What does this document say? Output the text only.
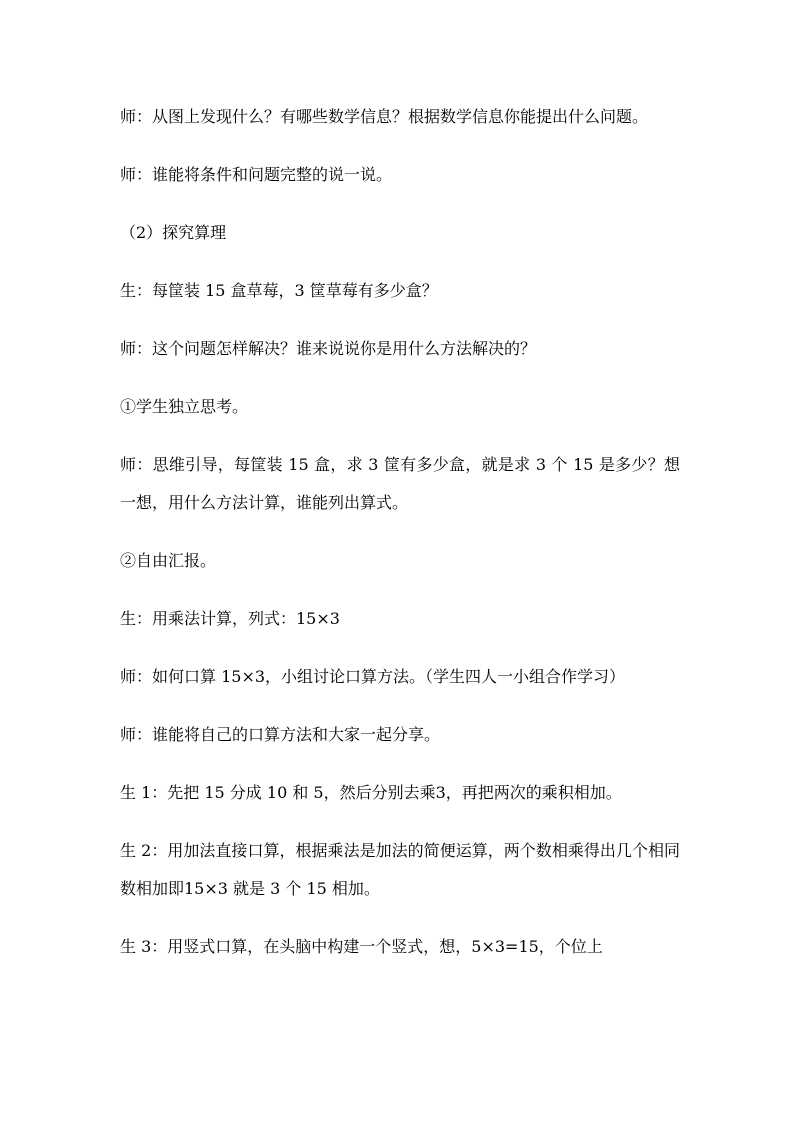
师：从图上发现什么？有哪些数学信息？根据数学信息你能提出什么问题。

师：谁能将条件和问题完整的说一说。

（2）探究算理

生：每筐装 15 盒草莓，3 筐草莓有多少盒？

师：这个问题怎样解决？谁来说说你是用什么方法解决的？

①学生独立思考。

师：思维引导，每筐装 15 盒，求 3 筐有多少盒，就是求 3 个 15 是多少？想一想，用什么方法计算，谁能列出算式。

②自由汇报。

生：用乘法计算，列式：15×3

师：如何口算 15×3，小组讨论口算方法。（学生四人一小组合作学习）

师：谁能将自己的口算方法和大家一起分享。

生 1：先把 15 分成 10 和 5，然后分别去乘3，再把两次的乘积相加。

生 2：用加法直接口算，根据乘法是加法的简便运算，两个数相乘得出几个相同数相加即15×3 就是 3 个 15 相加。

生 3：用竖式口算，在头脑中构建一个竖式，想，5×3=15，个位上
